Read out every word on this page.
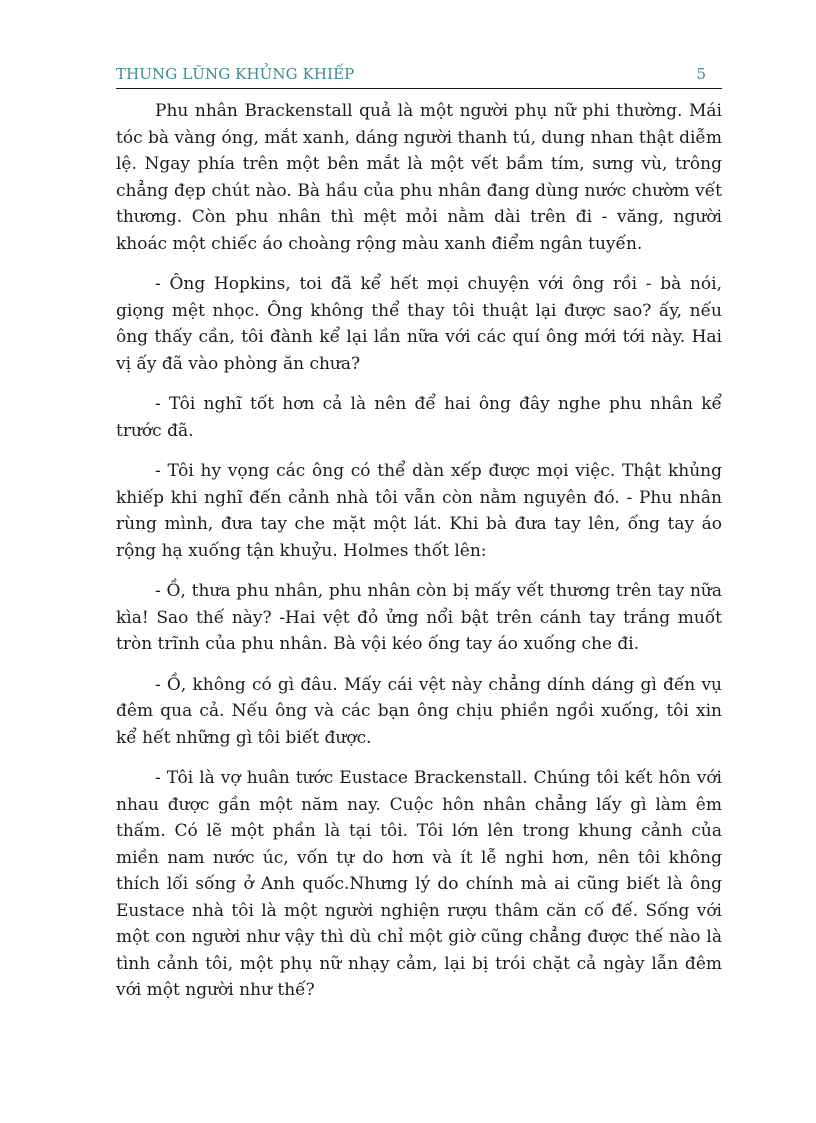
THUNG LŨNG KHỦNG KHIẾP	5

Phu nhân Brackenstall quả là một người phụ nữ phi thường. Mái tóc bà vàng óng, mắt xanh, dáng người thanh tú, dung nhan thật diễm lệ. Ngay phía trên một bên mắt là một vết bầm tím, sưng vù, trông chẳng đẹp chút nào. Bà hầu của phu nhân đang dùng nước chườm vết thương. Còn phu nhân thì mệt mỏi nằm dài trên đi - văng, người khoác một chiếc áo choàng rộng màu xanh điểm ngân tuyến.

- Ông Hopkins, toi đã kể hết mọi chuyện với ông rồi - bà nói, giọng mệt nhọc. Ông không thể thay tôi thuật lại được sao? ấy, nếu ông thấy cần, tôi đành kể lại lần nữa với các quí ông mới tới này. Hai vị ấy đã vào phòng ăn chưa?

- Tôi nghĩ tốt hơn cả là nên để hai ông đây nghe phu nhân kể trước đã.

- Tôi hy vọng các ông có thể dàn xếp được mọi việc. Thật khủng khiếp khi nghĩ đến cảnh nhà tôi vẫn còn nằm nguyên đó. - Phu nhân rùng mình, đưa tay che mặt một lát. Khi bà đưa tay lên, ống tay áo rộng hạ xuống tận khuỷu. Holmes thốt lên:

- Ồ, thưa phu nhân, phu nhân còn bị mấy vết thương trên tay nữa kìa! Sao thế này? -Hai vệt đỏ ửng nổi bật trên cánh tay trắng muốt tròn trĩnh của phu nhân. Bà vội kéo ống tay áo xuống che đi.

- Ồ, không có gì đâu. Mấy cái vệt này chẳng dính dáng gì đến vụ đêm qua cả. Nếu ông và các bạn ông chịu phiền ngồi xuống, tôi xin kể hết những gì tôi biết được.

- Tôi là vợ huân tước Eustace Brackenstall. Chúng tôi kết hôn với nhau được gần một năm nay. Cuộc hôn nhân chẳng lấy gì làm êm thấm. Có lẽ một phần là tại tôi. Tôi lớn lên trong khung cảnh của miền nam nước úc, vốn tự do hơn và ít lễ nghi hơn, nên tôi không thích lối sống ở Anh quốc.Nhưng lý do chính mà ai cũng biết là ông Eustace nhà tôi là một người nghiện rượu thâm căn cố đế. Sống với một con người như vậy thì dù chỉ một giờ cũng chẳng được thế nào là tình cảnh tôi, một phụ nữ nhạy cảm, lại bị trói chặt cả ngày lẫn đêm với một người như thế?
